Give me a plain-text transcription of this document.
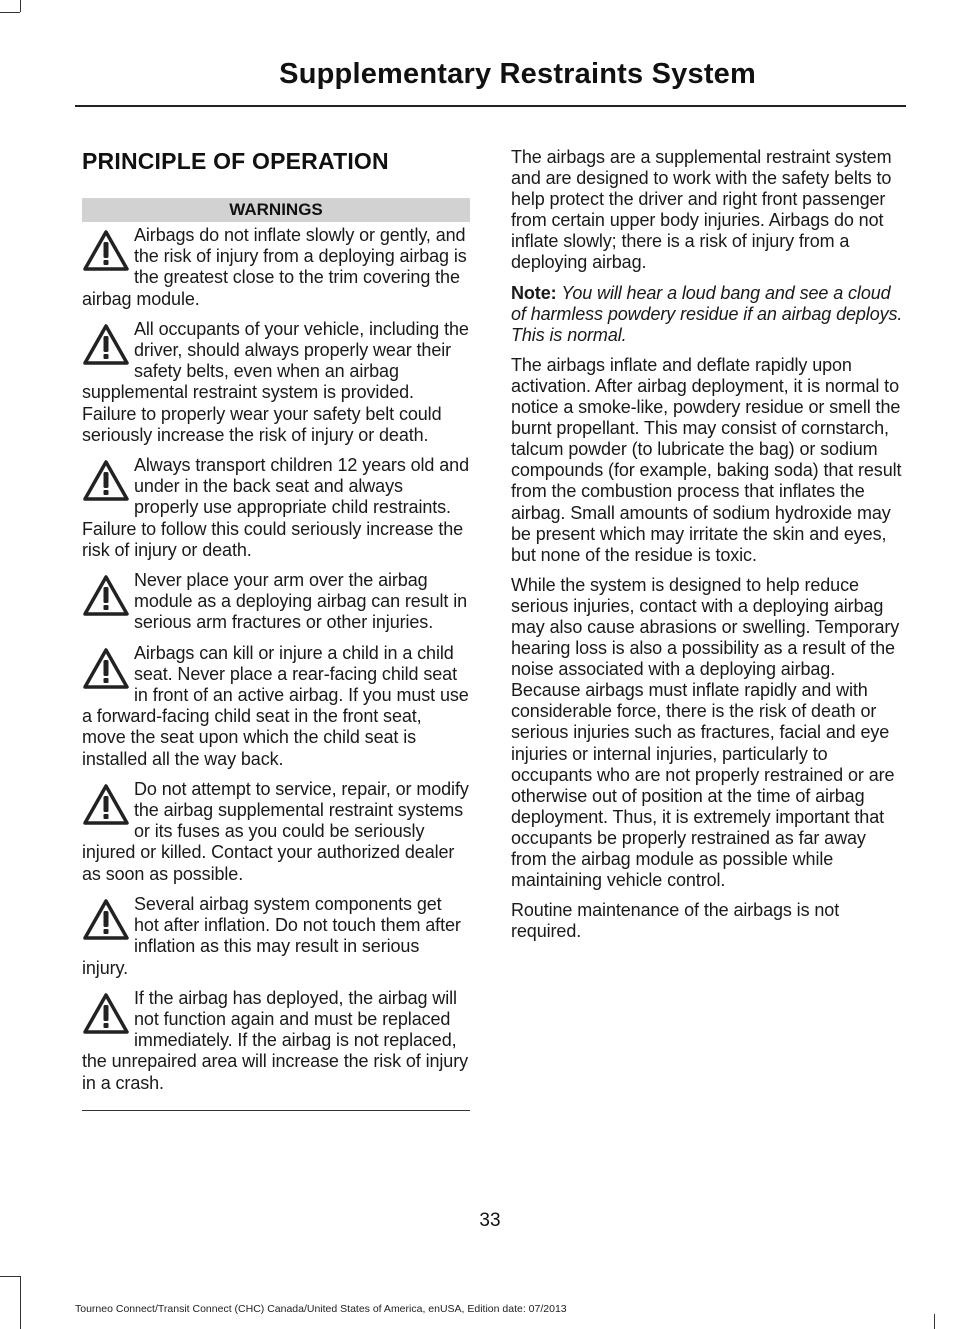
Supplementary Restraints System
PRINCIPLE OF OPERATION
WARNINGS
Airbags do not inflate slowly or gently, and the risk of injury from a deploying airbag is the greatest close to the trim covering the airbag module.
All occupants of your vehicle, including the driver, should always properly wear their safety belts, even when an airbag supplemental restraint system is provided. Failure to properly wear your safety belt could seriously increase the risk of injury or death.
Always transport children 12 years old and under in the back seat and always properly use appropriate child restraints. Failure to follow this could seriously increase the risk of injury or death.
Never place your arm over the airbag module as a deploying airbag can result in serious arm fractures or other injuries.
Airbags can kill or injure a child in a child seat. Never place a rear-facing child seat in front of an active airbag. If you must use a forward-facing child seat in the front seat, move the seat upon which the child seat is installed all the way back.
Do not attempt to service, repair, or modify the airbag supplemental restraint systems or its fuses as you could be seriously injured or killed. Contact your authorized dealer as soon as possible.
Several airbag system components get hot after inflation. Do not touch them after inflation as this may result in serious injury.
If the airbag has deployed, the airbag will not function again and must be replaced immediately. If the airbag is not replaced, the unrepaired area will increase the risk of injury in a crash.

The airbags are a supplemental restraint system and are designed to work with the safety belts to help protect the driver and right front passenger from certain upper body injuries. Airbags do not inflate slowly; there is a risk of injury from a deploying airbag.

Note: You will hear a loud bang and see a cloud of harmless powdery residue if an airbag deploys. This is normal.

The airbags inflate and deflate rapidly upon activation. After airbag deployment, it is normal to notice a smoke-like, powdery residue or smell the burnt propellant. This may consist of cornstarch, talcum powder (to lubricate the bag) or sodium compounds (for example, baking soda) that result from the combustion process that inflates the airbag. Small amounts of sodium hydroxide may be present which may irritate the skin and eyes, but none of the residue is toxic.

While the system is designed to help reduce serious injuries, contact with a deploying airbag may also cause abrasions or swelling. Temporary hearing loss is also a possibility as a result of the noise associated with a deploying airbag. Because airbags must inflate rapidly and with considerable force, there is the risk of death or serious injuries such as fractures, facial and eye injuries or internal injuries, particularly to occupants who are not properly restrained or are otherwise out of position at the time of airbag deployment. Thus, it is extremely important that occupants be properly restrained as far away from the airbag module as possible while maintaining vehicle control.

Routine maintenance of the airbags is not required.

33
Tourneo Connect/Transit Connect (CHC) Canada/United States of America, enUSA, Edition date: 07/2013
